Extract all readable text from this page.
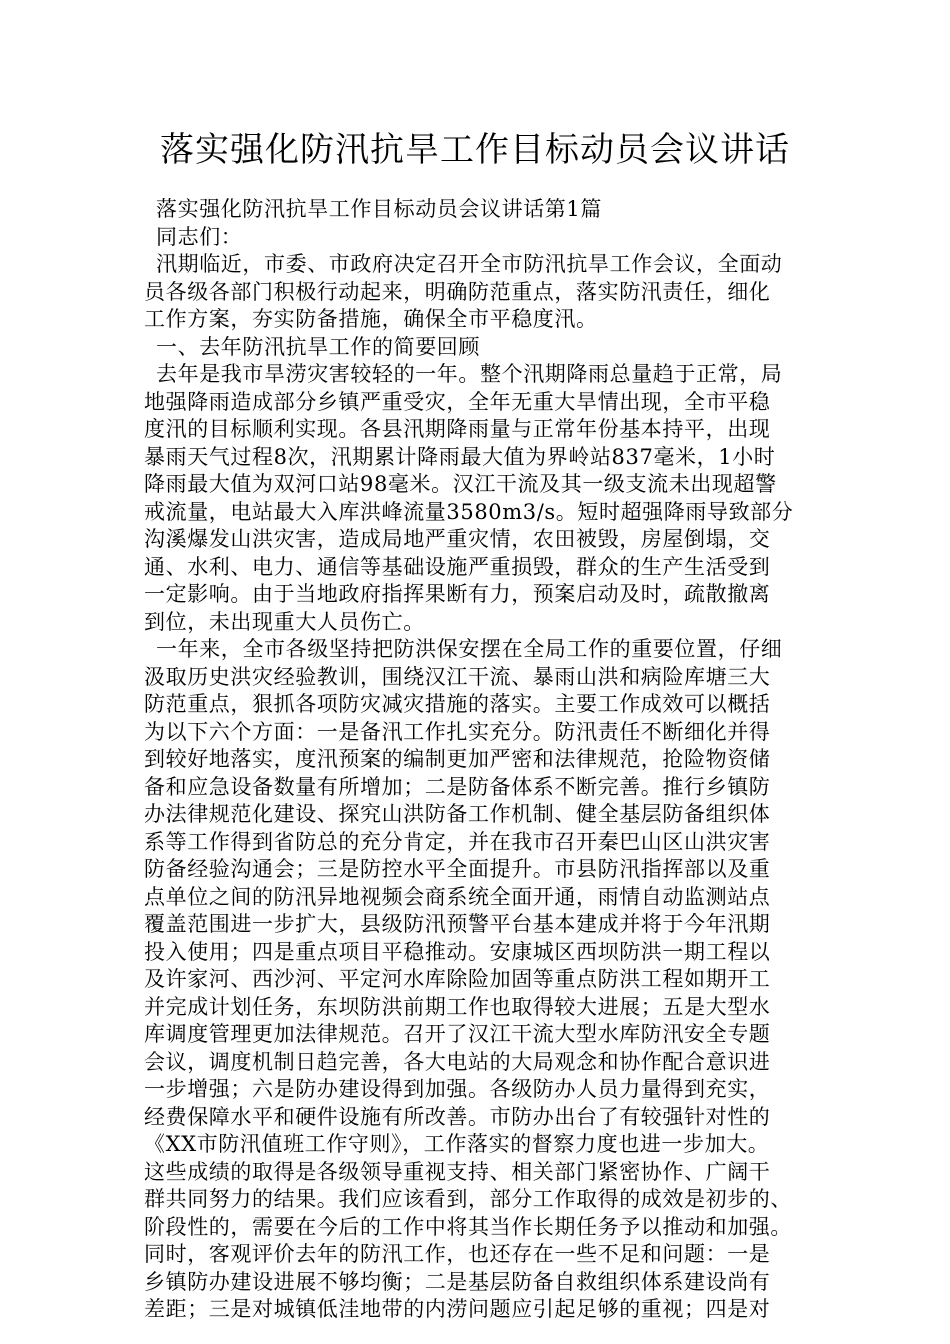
落实强化防汛抗旱工作目标动员会议讲话
落实强化防汛抗旱工作目标动员会议讲话第1篇
同志们：
汛期临近，市委、市政府决定召开全市防汛抗旱工作会议，全面动
员各级各部门积极行动起来，明确防范重点，落实防汛责任，细化
工作方案，夯实防备措施，确保全市平稳度汛。
一、去年防汛抗旱工作的简要回顾
去年是我市旱涝灾害较轻的一年。整个汛期降雨总量趋于正常，局
地强降雨造成部分乡镇严重受灾，全年无重大旱情出现，全市平稳
度汛的目标顺利实现。各县汛期降雨量与正常年份基本持平，出现
暴雨天气过程8次，汛期累计降雨最大值为界岭站837毫米，1小时
降雨最大值为双河口站98毫米。汉江干流及其一级支流未出现超警
戒流量，电站最大入库洪峰流量3580m3/s。短时超强降雨导致部分
沟溪爆发山洪灾害，造成局地严重灾情，农田被毁，房屋倒塌，交
通、水利、电力、通信等基础设施严重损毁，群众的生产生活受到
一定影响。由于当地政府指挥果断有力，预案启动及时，疏散撤离
到位，未出现重大人员伤亡。
一年来，全市各级坚持把防洪保安摆在全局工作的重要位置，仔细
汲取历史洪灾经验教训，围绕汉江干流、暴雨山洪和病险库塘三大
防范重点，狠抓各项防灾减灾措施的落实。主要工作成效可以概括
为以下六个方面：一是备汛工作扎实充分。防汛责任不断细化并得
到较好地落实，度汛预案的编制更加严密和法律规范，抢险物资储
备和应急设备数量有所增加；二是防备体系不断完善。推行乡镇防
办法律规范化建设、探究山洪防备工作机制、健全基层防备组织体
系等工作得到省防总的充分肯定，并在我市召开秦巴山区山洪灾害
防备经验沟通会；三是防控水平全面提升。市县防汛指挥部以及重
点单位之间的防汛异地视频会商系统全面开通，雨情自动监测站点
覆盖范围进一步扩大，县级防汛预警平台基本建成并将于今年汛期
投入使用；四是重点项目平稳推动。安康城区西坝防洪一期工程以
及许家河、西沙河、平定河水库除险加固等重点防洪工程如期开工
并完成计划任务，东坝防洪前期工作也取得较大进展；五是大型水
库调度管理更加法律规范。召开了汉江干流大型水库防汛安全专题
会议，调度机制日趋完善，各大电站的大局观念和协作配合意识进
一步增强；六是防办建设得到加强。各级防办人员力量得到充实，
经费保障水平和硬件设施有所改善。市防办出台了有较强针对性的
《XX市防汛值班工作守则》，工作落实的督察力度也进一步加大。
这些成绩的取得是各级领导重视支持、相关部门紧密协作、广阔干
群共同努力的结果。我们应该看到，部分工作取得的成效是初步的、
阶段性的，需要在今后的工作中将其当作长期任务予以推动和加强。
同时，客观评价去年的防汛工作，也还存在一些不足和问题：一是
乡镇防办建设进展不够均衡；二是基层防备自救组织体系建设尚有
差距；三是对城镇低洼地带的内涝问题应引起足够的重视；四是对
